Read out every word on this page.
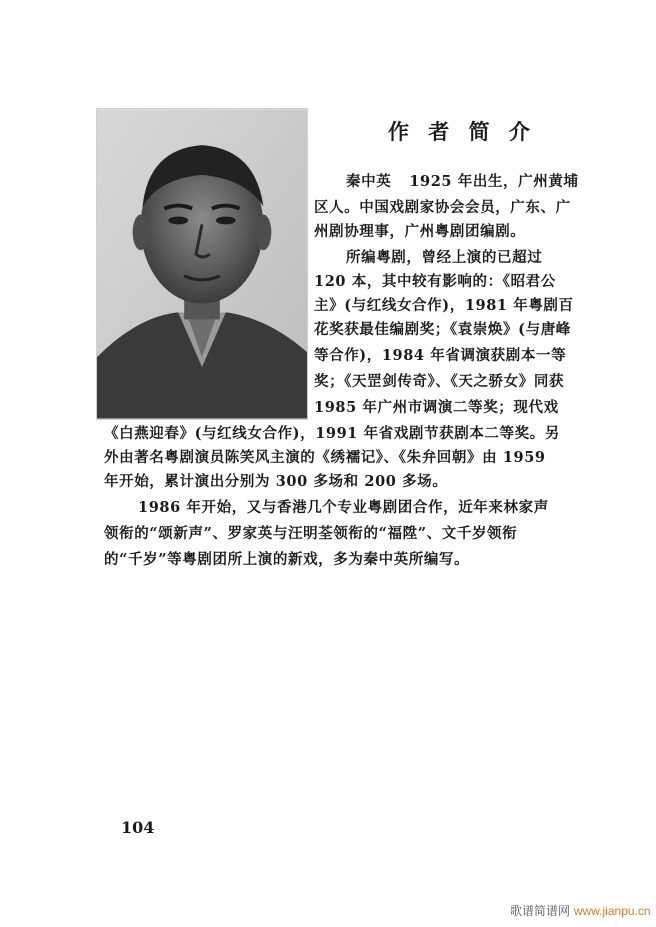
作 者 简 介
秦中英 1925 年出生，广州黄埔
区人。中国戏剧家协会会员，广东、广
州剧协理事，广州粤剧团编剧。
所编粤剧，曾经上演的已超过
120 本，其中较有影响的：《昭君公
主》(与红线女合作)，1981 年粤剧百
花奖获最佳编剧奖；《袁崇焕》(与唐峰
等合作)，1984 年省调演获剧本一等
奖；《天罡剑传奇》、《天之骄女》同获
1985 年广州市调演二等奖；现代戏
《白燕迎春》(与红线女合作)，1991 年省戏剧节获剧本二等奖。另
外由著名粤剧演员陈笑风主演的《绣襦记》、《朱弁回朝》由 1959
年开始，累计演出分别为 300 多场和 200 多场。
1986 年开始，又与香港几个专业粤剧团合作，近年来林家声
领衔的“颂新声”、罗家英与汪明荃领衔的“福陞”、文千岁领衔
的“千岁”等粤剧团所上演的新戏，多为秦中英所编写。
104
歌谱简谱网 www.jianpu.cn
